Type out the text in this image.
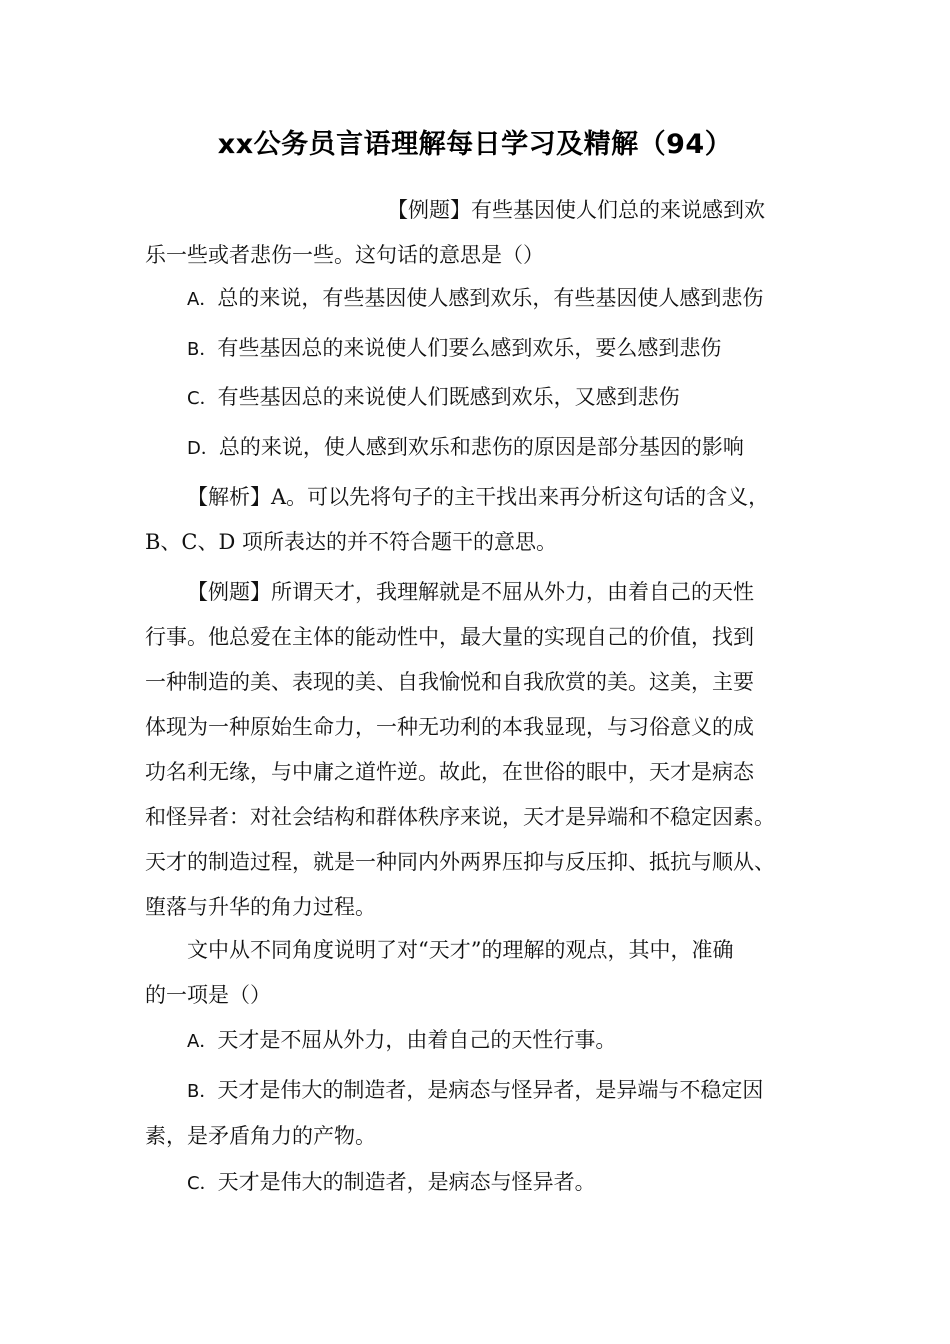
xx公务员言语理解每日学习及精解（94）
【例题】有些基因使人们总的来说感到欢
乐一些或者悲伤一些。这句话的意思是（）
A．总的来说，有些基因使人感到欢乐，有些基因使人感到悲伤
B．有些基因总的来说使人们要么感到欢乐，要么感到悲伤
C．有些基因总的来说使人们既感到欢乐，又感到悲伤
D．总的来说，使人感到欢乐和悲伤的原因是部分基因的影响
【解析】A。可以先将句子的主干找出来再分析这句话的含义，
B、C、D 项所表达的并不符合题干的意思。
【例题】所谓天才，我理解就是不屈从外力，由着自己的天性
行事。他总爱在主体的能动性中，最大量的实现自己的价值，找到
一种制造的美、表现的美、自我愉悦和自我欣赏的美。这美，主要
体现为一种原始生命力，一种无功利的本我显现，与习俗意义的成
功名利无缘，与中庸之道忤逆。故此，在世俗的眼中，天才是病态
和怪异者：对社会结构和群体秩序来说，天才是异端和不稳定因素。
天才的制造过程，就是一种同内外两界压抑与反压抑、抵抗与顺从、
堕落与升华的角力过程。
文中从不同角度说明了对“天才”的理解的观点，其中，准确
的一项是（）
A．天才是不屈从外力，由着自己的天性行事。
B．天才是伟大的制造者，是病态与怪异者，是异端与不稳定因
素，是矛盾角力的产物。
C．天才是伟大的制造者，是病态与怪异者。
